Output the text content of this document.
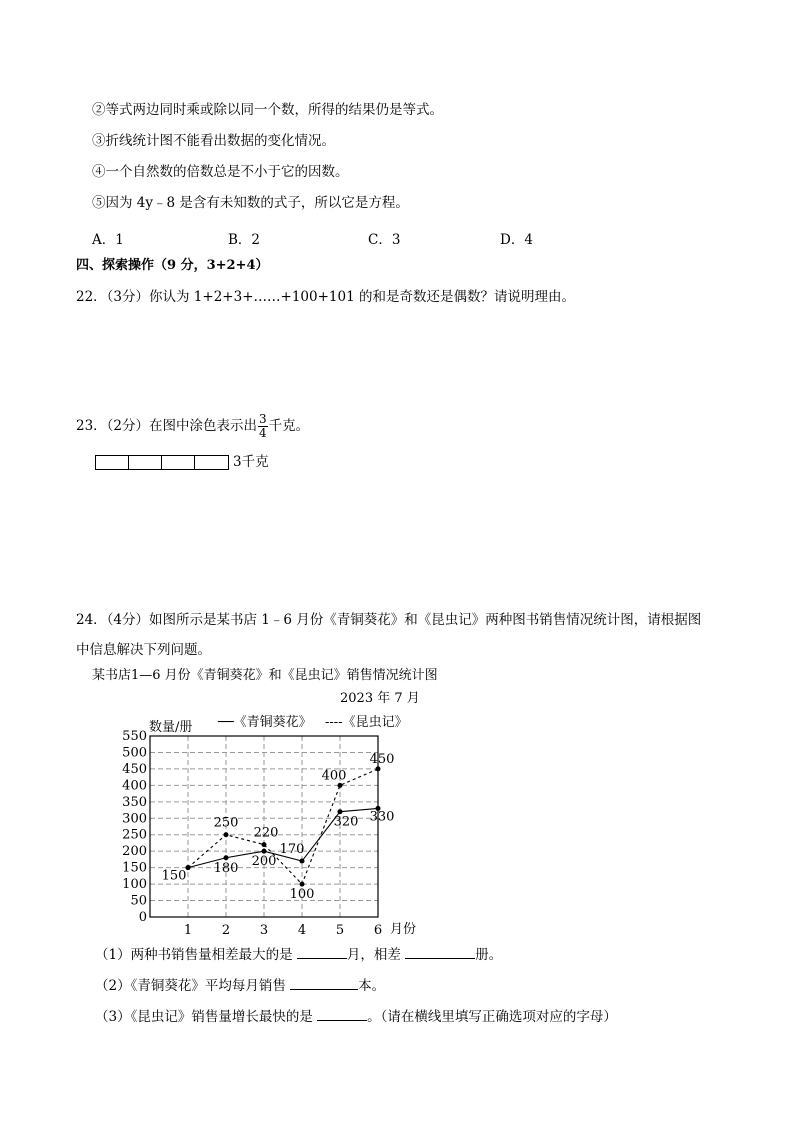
②等式两边同时乘或除以同一个数，所得的结果仍是等式。
③折线统计图不能看出数据的变化情况。
④一个自然数的倍数总是不小于它的因数。
⑤因为 4y﹣8 是含有未知数的式子，所以它是方程。
A．1	B．2	C．3	D．4
四、探索操作（9 分，3+2+4）
22．（3分）你认为 1+2+3+……+100+101 的和是奇数还是偶数？请说明理由。
23．（2分）在图中涂色表示出 $\frac{3}{4}$ 千克。
3千克
24．（4分）如图所示是某书店 1﹣6 月份《青铜葵花》和《昆虫记》两种图书销售情况统计图，请根据图
中信息解决下列问题。
某书店1—6 月份《青铜葵花》和《昆虫记》销售情况统计图
2023 年 7 月
──《青铜葵花》 ----《昆虫记》
数量/册
月份
0
50
100
150
200
250
300
350
400
450
500
550
1 2 3 4 5 6
150
180 200
170
320 330
250
220
100
400
450
（1）两种书销售量相差最大的是	月，相差	册。
（2）《青铜葵花》平均每月销售	本。
（3）《昆虫记》销售量增长最快的是	。（请在横线里填写正确选项对应的字母）
